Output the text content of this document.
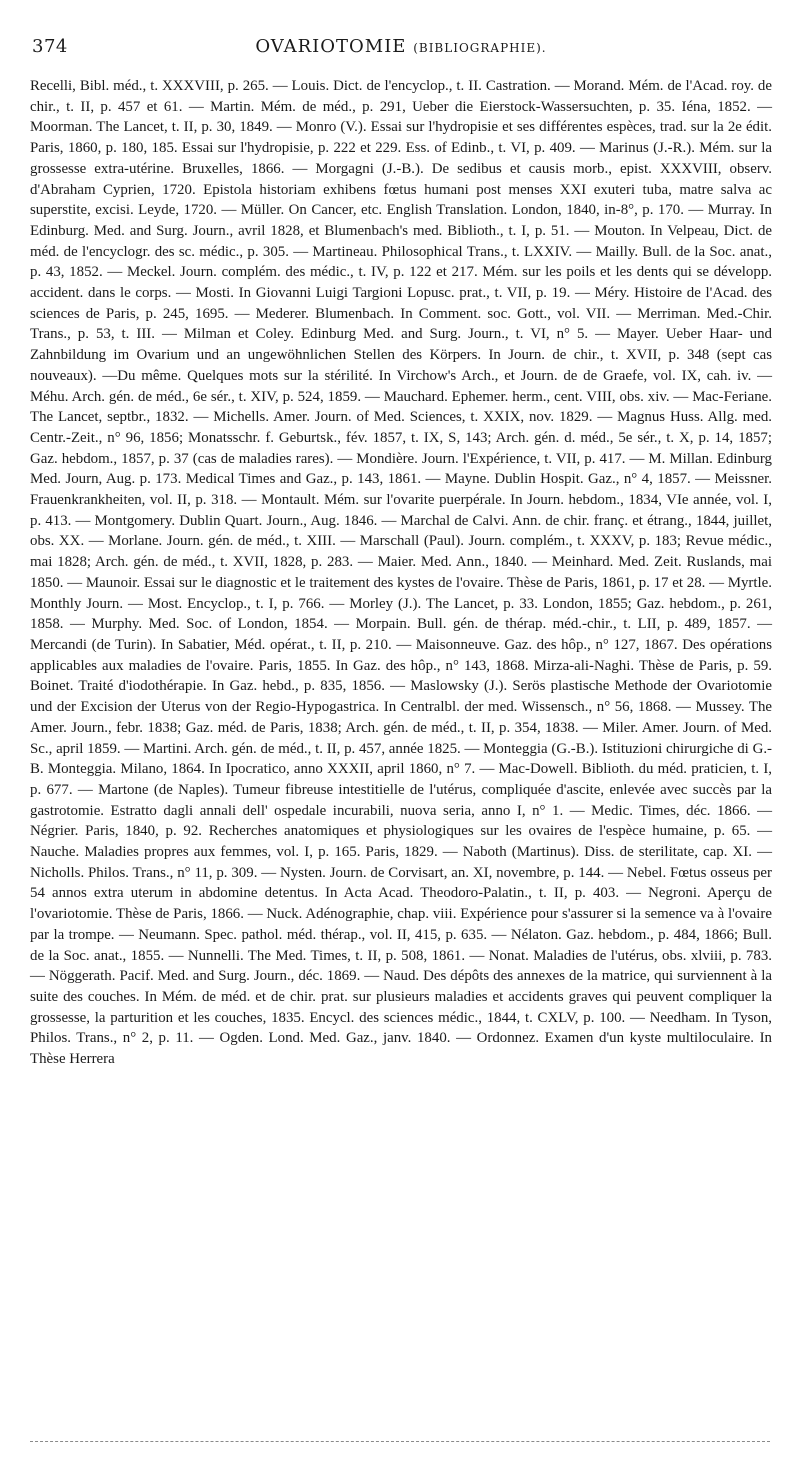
374	OVARIOTOMIE (BIBLIOGRAPHIE).

Recelli, Bibl. méd., t. XXXVIII, p. 265. — Louis. Dict. de l'encyclop., t. II. Castration. — Morand. Mém. de l'Acad. roy. de chir., t. II, p. 457 et 61. — Martin. Mém. de méd., p. 291, Ueber die Eierstock-Wassersuchten, p. 35. Iéna, 1852. — Moorman. The Lancet, t. II, p. 30, 1849. — Monro (V.). Essai sur l'hydropisie et ses différentes espèces, trad. sur la 2e édit. Paris, 1860, p. 180, 185. Essai sur l'hydropisie, p. 222 et 229. Ess. of Edinb., t. VI, p. 409. — Marinus (J.-R.). Mém. sur la grossesse extra-utérine. Bruxelles, 1866. — Morgagni (J.-B.). De sedibus et causis morb., epist. XXXVIII, observ. d'Abraham Cyprien, 1720. Epistola historiam exhibens fœtus humani post menses XXI exuteri tuba, matre salva ac superstite, excisi. Leyde, 1720. — Müller. On Cancer, etc. English Translation. London, 1840, in-8°, p. 170. — Murray. In Edinburg. Med. and Surg. Journ., avril 1828, et Blumenbach's med. Biblioth., t. I, p. 51. — Mouton. In Velpeau, Dict. de méd. de l'encyclogr. des sc. médic., p. 305. — Martineau. Philosophical Trans., t. LXXIV. — Mailly. Bull. de la Soc. anat., p. 43, 1852. — Meckel. Journ. complém. des médic., t. IV, p. 122 et 217. Mém. sur les poils et les dents qui se développ. accident. dans le corps. — Mosti. In Giovanni Luigi Targioni Lopusc. prat., t. VII, p. 19. — Méry. Histoire de l'Acad. des sciences de Paris, p. 245, 1695. — Mederer. Blumenbach. In Comment. soc. Gott., vol. VII. — Merriman. Med.-Chir. Trans., p. 53, t. III. — Milman et Coley. Edinburg Med. and Surg. Journ., t. VI, n° 5. — Mayer. Ueber Haar- und Zahnbildung im Ovarium und an ungewöhnlichen Stellen des Körpers. In Journ. de chir., t. XVII, p. 348 (sept cas nouveaux). —Du même. Quelques mots sur la stérilité. In Virchow's Arch., et Journ. de de Graefe, vol. IX, cah. iv. — Méhu. Arch. gén. de méd., 6e sér., t. XIV, p. 524, 1859. — Mauchard. Ephemer. herm., cent. VIII, obs. xiv. — Mac-Feriane. The Lancet, septbr., 1832. — Michells. Amer. Journ. of Med. Sciences, t. XXIX, nov. 1829. — Magnus Huss. Allg. med. Centr.-Zeit., n° 96, 1856; Monatsschr. f. Geburtsk., fév. 1857, t. IX, S, 143; Arch. gén. d. méd., 5e sér., t. X, p. 14, 1857; Gaz. hebdom., 1857, p. 37 (cas de maladies rares). — Mondière. Journ. l'Expérience, t. VII, p. 417. — M. Millan. Edinburg Med. Journ, Aug. p. 173. Medical Times and Gaz., p. 143, 1861. — Mayne. Dublin Hospit. Gaz., n° 4, 1857. — Meissner. Frauenkrankheiten, vol. II, p. 318. — Montault. Mém. sur l'ovarite puerpérale. In Journ. hebdom., 1834, VIe année, vol. I, p. 413. — Montgomery. Dublin Quart. Journ., Aug. 1846. — Marchal de Calvi. Ann. de chir. franç. et étrang., 1844, juillet, obs. XX. — Morlane. Journ. gén. de méd., t. XIII. — Marschall (Paul). Journ. complém., t. XXXV, p. 183; Revue médic., mai 1828; Arch. gén. de méd., t. XVII, 1828, p. 283. — Maier. Med. Ann., 1840. — Meinhard. Med. Zeit. Ruslands, mai 1850. — Maunoir. Essai sur le diagnostic et le traitement des kystes de l'ovaire. Thèse de Paris, 1861, p. 17 et 28. — Myrtle. Monthly Journ. — Most. Encyclop., t. I, p. 766. — Morley (J.). The Lancet, p. 33. London, 1855; Gaz. hebdom., p. 261, 1858. — Murphy. Med. Soc. of London, 1854. — Morpain. Bull. gén. de thérap. méd.-chir., t. LII, p. 489, 1857. — Mercandi (de Turin). In Sabatier, Méd. opérat., t. II, p. 210. — Maisonneuve. Gaz. des hôp., n° 127, 1867. Des opérations applicables aux maladies de l'ovaire. Paris, 1855. In Gaz. des hôp., n° 143, 1868. Mirza-ali-Naghi. Thèse de Paris, p. 59. Boinet. Traité d'iodothérapie. In Gaz. hebd., p. 835, 1856. — Maslowsky (J.). Serös plastische Methode der Ovariotomie und der Excision der Uterus von der Regio-Hypogastrica. In Centralbl. der med. Wissensch., n° 56, 1868. — Mussey. The Amer. Journ., febr. 1838; Gaz. méd. de Paris, 1838; Arch. gén. de méd., t. II, p. 354, 1838. — Miler. Amer. Journ. of Med. Sc., april 1859. — Martini. Arch. gén. de méd., t. II, p. 457, année 1825. — Monteggia (G.-B.). Istituzioni chirurgiche di G.-B. Monteggia. Milano, 1864. In Ipocratico, anno XXXII, april 1860, n° 7. — Mac-Dowell. Biblioth. du méd. praticien, t. I, p. 677. — Martone (de Naples). Tumeur fibreuse intestitielle de l'utérus, compliquée d'ascite, enlevée avec succès par la gastrotomie. Estratto dagli annali dell' ospedale incurabili, nuova seria, anno I, n° 1. — Medic. Times, déc. 1866. — Négrier. Paris, 1840, p. 92. Recherches anatomiques et physiologiques sur les ovaires de l'espèce humaine, p. 65. — Nauche. Maladies propres aux femmes, vol. I, p. 165. Paris, 1829. — Naboth (Martinus). Diss. de sterilitate, cap. XI. — Nicholls. Philos. Trans., n° 11, p. 309. — Nysten. Journ. de Corvisart, an. XI, novembre, p. 144. — Nebel. Fœtus osseus per 54 annos extra uterum in abdomine detentus. In Acta Acad. Theodoro-Palatin., t. II, p. 403. — Negroni. Aperçu de l'ovariotomie. Thèse de Paris, 1866. — Nuck. Adénographie, chap. viii. Expérience pour s'assurer si la semence va à l'ovaire par la trompe. — Neumann. Spec. pathol. méd. thérap., vol. II, 415, p. 635. — Nélaton. Gaz. hebdom., p. 484, 1866; Bull. de la Soc. anat., 1855. — Nunnelli. The Med. Times, t. II, p. 508, 1861. — Nonat. Maladies de l'utérus, obs. xlviii, p. 783. — Nöggerath. Pacif. Med. and Surg. Journ., déc. 1869. — Naud. Des dépôts des annexes de la matrice, qui surviennent à la suite des couches. In Mém. de méd. et de chir. prat. sur plusieurs maladies et accidents graves qui peuvent compliquer la grossesse, la parturition et les couches, 1835. Encycl. des sciences médic., 1844, t. CXLV, p. 100. — Needham. In Tyson, Philos. Trans., n° 2, p. 11. — Ogden. Lond. Med. Gaz., janv. 1840. — Ordonnez. Examen d'un kyste multiloculaire. In Thèse Herrera
